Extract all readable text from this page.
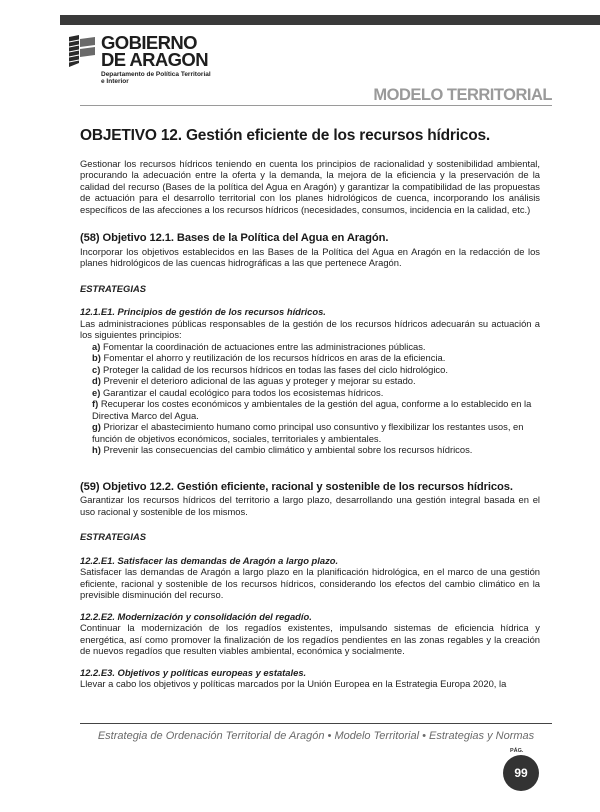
GOBIERNO
DE ARAGON
Departamento de Política Territorial
e Interior
MODELO TERRITORIAL
OBJETIVO 12. Gestión eficiente de los recursos hídricos.

Gestionar los recursos hídricos teniendo en cuenta los principios de racionalidad y sostenibilidad ambiental, procurando la adecuación entre la oferta y la demanda, la mejora de la eficiencia y la preservación de la calidad del recurso (Bases de la política del Agua en Aragón) y garantizar la compatibilidad de las propuestas de actuación para el desarrollo territorial con los planes hidrológicos de cuenca, incorporando los análisis específicos de las afecciones a los recursos hídricos (necesidades, consumos, incidencia en la calidad, etc.)

(58) Objetivo 12.1. Bases de la Política del Agua en Aragón.

Incorporar los objetivos establecidos en las Bases de la Política del Agua en Aragón en la redacción de los planes hidrológicos de las cuencas hidrográficas a las que pertenece Aragón.

ESTRATEGIAS

12.1.E1. Principios de gestión de los recursos hídricos.

Las administraciones públicas responsables de la gestión de los recursos hídricos adecuarán su actuación a los siguientes principios:

a) Fomentar la coordinación de actuaciones entre las administraciones públicas.
b) Fomentar el ahorro y reutilización de los recursos hídricos en aras de la eficiencia.
c) Proteger la calidad de los recursos hídricos en todas las fases del ciclo hidrológico.
d) Prevenir el deterioro adicional de las aguas y proteger y mejorar su estado.
e) Garantizar el caudal ecológico para todos los ecosistemas hídricos.
f) Recuperar los costes económicos y ambientales de la gestión del agua, conforme a lo establecido en la Directiva Marco del Agua.
g) Priorizar el abastecimiento humano como principal uso consuntivo y flexibilizar los restantes usos, en función de objetivos económicos, sociales, territoriales y ambientales.
h) Prevenir las consecuencias del cambio climático y ambiental sobre los recursos hídricos.
(59) Objetivo 12.2. Gestión eficiente, racional y sostenible de los recursos hídricos.

Garantizar los recursos hídricos del territorio a largo plazo, desarrollando una gestión integral basada en el uso racional y sostenible de los mismos.

ESTRATEGIAS

12.2.E1. Satisfacer las demandas de Aragón a largo plazo.

Satisfacer las demandas de Aragón a largo plazo en la planificación hidrológica, en el marco de una gestión eficiente, racional y sostenible de los recursos hídricos, considerando los efectos del cambio climático en la previsible disminución del recurso.

12.2.E2. Modernización y consolidación del regadío.

Continuar la modernización de los regadíos existentes, impulsando sistemas de eficiencia hídrica y energética, así como promover la finalización de los regadíos pendientes en las zonas regables y la creación de nuevos regadíos que resulten viables ambiental, económica y socialmente.

12.2.E3. Objetivos y políticas europeas y estatales.

Llevar a cabo los objetivos y políticas marcados por la Unión Europea en la Estrategia Europa 2020, la

Estrategia de Ordenación Territorial de Aragón • Modelo Territorial • Estrategias y Normas
PÁG.
99
